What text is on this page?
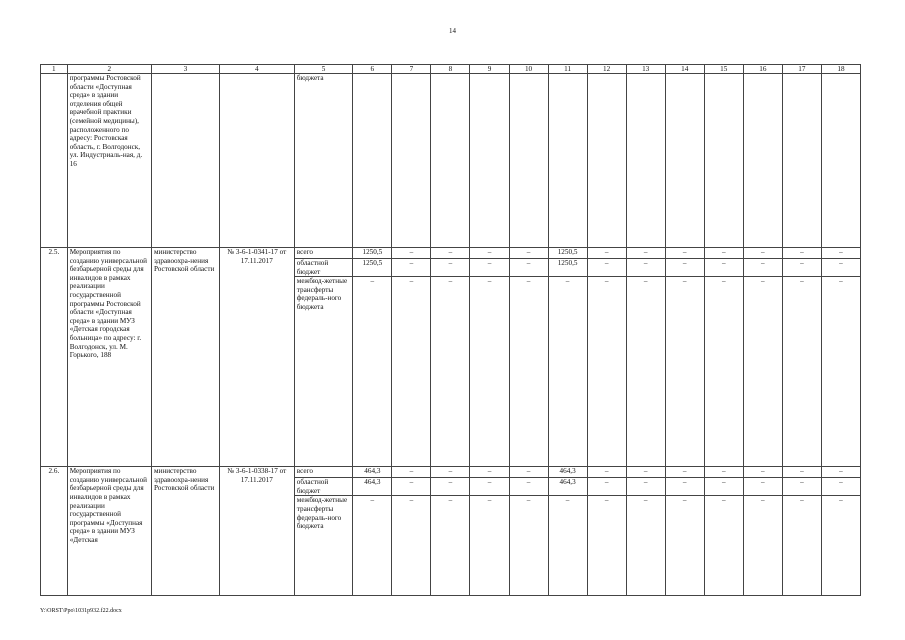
14
1	2	3	4	5	6	7	8	9	10	11	12	13	14	15	16	17	18
	программы Ростовской области «Доступная среда» в здании отделения общей врачебной практики (семейной медицины), расположенного по адресу: Ростовская область, г. Волгодонск, ул. Индустриаль-ная, д. 16			бюджета													
2.5.	Мероприятия по созданию универсальной безбарьерной среды для инвалидов в рамках реализации государственной программы Ростовской области «Доступная среда» в здании МУЗ «Детская городская больница» по адресу: г. Волгодонск, ул. М. Горького, 188	министерство здравоохра-нения Ростовской области	№ 3-6-1-0341-17 от 17.11.2017	всего	1250,5	–	–	–	–	1250,5	–	–	–	–	–	–	–
				областной бюджет	1250,5	–	–	–	–	1250,5	–	–	–	–	–	–	–
				межбюд-жетные трансферты федераль-ного бюджета	–	–	–	–	–	–	–	–	–	–	–	–	–
2.6.	Мероприятия по созданию универсальной безбарьерной среды для инвалидов в рамках реализации государственной программы «Доступная среда» в здании МУЗ «Детская	министерство здравоохра-нения Ростовской области	№ 3-6-1-0338-17 от 17.11.2017	всего	464,3	–	–	–	–	464,3	–	–	–	–	–	–	–
				областной бюджет	464,3	–	–	–	–	464,3	–	–	–	–	–	–	–
				межбюд-жетные трансферты федераль-ного бюджета	–	–	–	–	–	–	–	–	–	–	–	–	–
Y:\ORST\Ppo\1031p932.f22.docx
